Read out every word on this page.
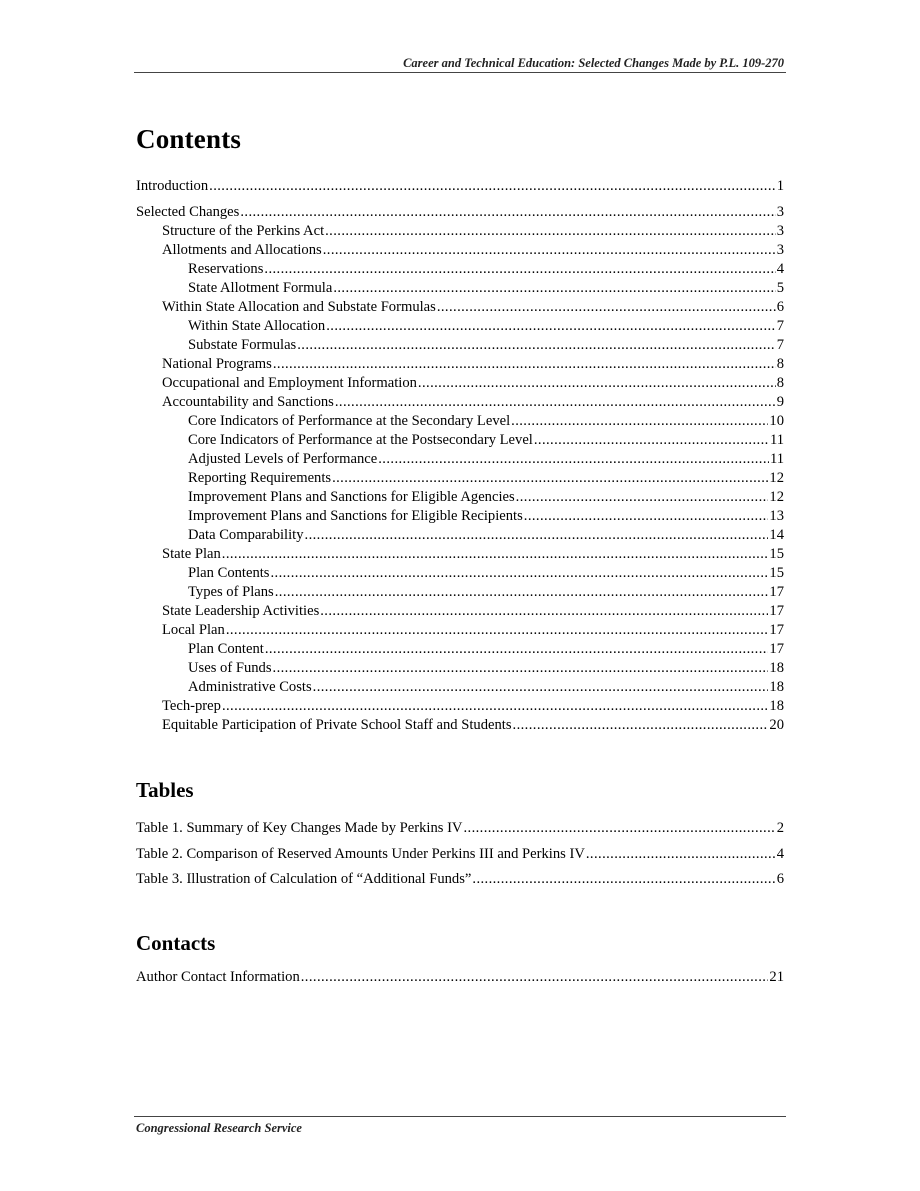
Career and Technical Education: Selected Changes Made by P.L. 109-270
Contents
Introduction .....	1
Selected Changes .....	3
Structure of the Perkins Act .....	3
Allotments and Allocations .....	3
Reservations .....	4
State Allotment Formula .....	5
Within State Allocation and Substate Formulas .....	6
Within State Allocation .....	7
Substate Formulas .....	7
National Programs .....	8
Occupational and Employment Information .....	8
Accountability and Sanctions .....	9
Core Indicators of Performance at the Secondary Level .....	10
Core Indicators of Performance at the Postsecondary Level .....	11
Adjusted Levels of Performance .....	11
Reporting Requirements .....	12
Improvement Plans and Sanctions for Eligible Agencies .....	12
Improvement Plans and Sanctions for Eligible Recipients .....	13
Data Comparability .....	14
State Plan .....	15
Plan Contents .....	15
Types of Plans .....	17
State Leadership Activities .....	17
Local Plan .....	17
Plan Content .....	17
Uses of Funds .....	18
Administrative Costs .....	18
Tech-prep .....	18
Equitable Participation of Private School Staff and Students .....	20
Tables
Table 1. Summary of Key Changes Made by Perkins IV .....	2
Table 2. Comparison of Reserved Amounts Under Perkins III and Perkins IV .....	4
Table 3. Illustration of Calculation of “Additional Funds” .....	6
Contacts
Author Contact Information .....	21
Congressional Research Service
